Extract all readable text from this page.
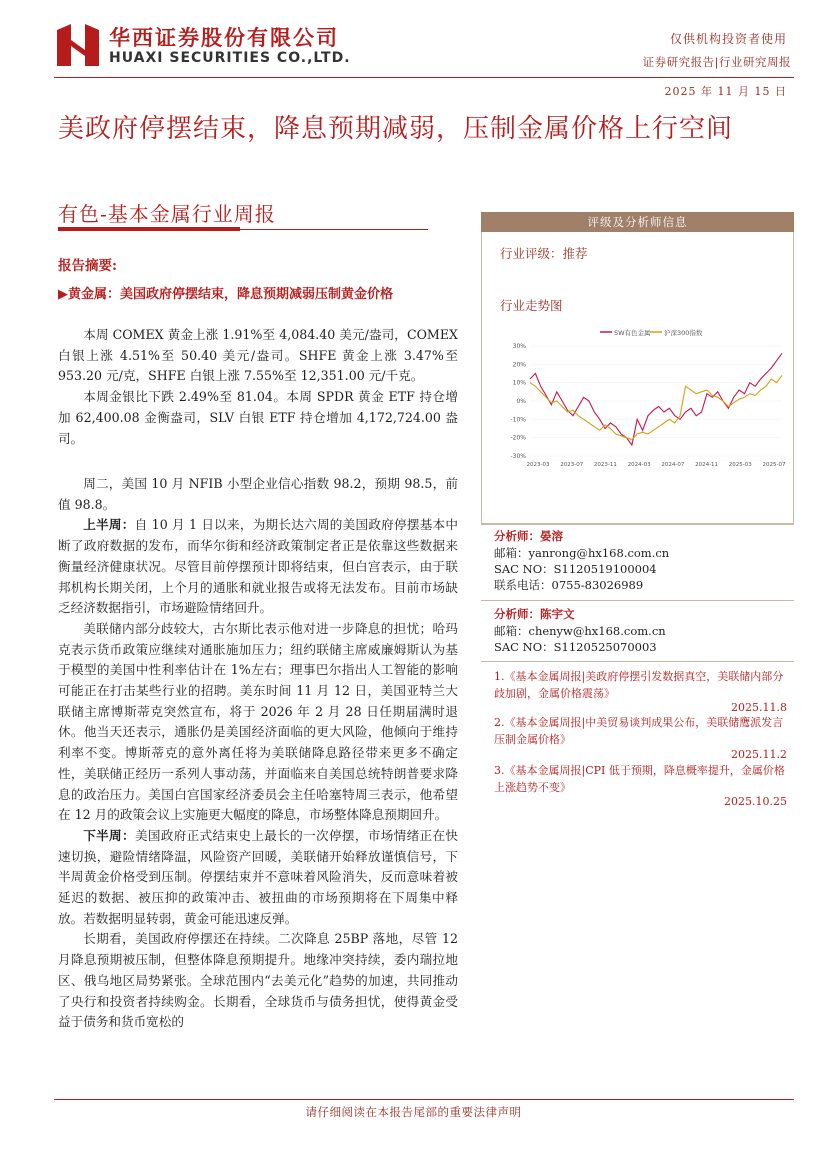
华西证券股份有限公司
HUAXI SECURITIES CO.,LTD.
仅供机构投资者使用
证券研究报告|行业研究周报
2025 年 11 月 15 日
美政府停摆结束，降息预期减弱，压制金属价格上行空间
有色-基本金属行业周报
报告摘要:
▶黄金属：美国政府停摆结束，降息预期减弱压制黄金价格

本周 COMEX 黄金上涨 1.91%至 4,084.40 美元/盎司，COMEX 白银上涨 4.51%至 50.40 美元/盎司。SHFE 黄金上涨 3.47%至 953.20 元/克，SHFE 白银上涨 7.55%至 12,351.00 元/千克。

本周金银比下跌 2.49%至 81.04。本周 SPDR 黄金 ETF 持仓增加 62,400.08 金衡盎司，SLV 白银 ETF 持仓增加 4,172,724.00 盎司。

周二，美国 10 月 NFIB 小型企业信心指数 98.2，预期 98.5，前值 98.8。

上半周：自 10 月 1 日以来，为期长达六周的美国政府停摆基本中断了政府数据的发布，而华尔街和经济政策制定者正是依靠这些数据来衡量经济健康状况。尽管目前停摆预计即将结束，但白宫表示，由于联邦机构长期关闭，上个月的通胀和就业报告或将无法发布。目前市场缺乏经济数据指引，市场避险情绪回升。

美联储内部分歧较大，古尔斯比表示他对进一步降息的担忧；哈玛克表示货币政策应继续对通胀施加压力；纽约联储主席威廉姆斯认为基于模型的美国中性利率估计在 1%左右；理事巴尔指出人工智能的影响可能正在打击某些行业的招聘。美东时间 11 月 12 日，美国亚特兰大联储主席博斯蒂克突然宣布，将于 2026 年 2 月 28 日任期届满时退休。他当天还表示，通胀仍是美国经济面临的更大风险，他倾向于维持利率不变。博斯蒂克的意外离任将为美联储降息路径带来更多不确定性，美联储正经历一系列人事动荡，并面临来自美国总统特朗普要求降息的政治压力。美国白宫国家经济委员会主任哈塞特周三表示，他希望在 12 月的政策会议上实施更大幅度的降息，市场整体降息预期回升。

下半周：美国政府正式结束史上最长的一次停摆，市场情绪正在快速切换，避险情绪降温，风险资产回暖，美联储开始释放谨慎信号，下半周黄金价格受到压制。停摆结束并不意味着风险消失，反而意味着被延迟的数据、被压抑的政策冲击、被扭曲的市场预期将在下周集中释放。若数据明显转弱，黄金可能迅速反弹。

长期看，美国政府停摆还在持续。二次降息 25BP 落地，尽管 12 月降息预期被压制，但整体降息预期提升。地缘冲突持续，委内瑞拉地区、俄乌地区局势紧张。全球范围内“去美元化”趋势的加速，共同推动了央行和投资者持续购金。长期看，全球货币与债务担忧，使得黄金受益于债务和货币宽松的

评级及分析师信息
行业评级：推荐
行业走势图
SW有色金属 沪深300指数
30%
20%
10%
0%
-10%
-20%
-30%
2023-03 2023-07 2023-11 2024-03 2024-07 2024-11 2025-03 2025-07
分析师：晏溶
邮箱：yanrong@hx168.com.cn
SAC NO：S1120519100004
联系电话：0755-83026989
分析师：陈宇文
邮箱：chenyw@hx168.com.cn
SAC NO：S1120525070003
1.《基本金属周报|美政府停摆引发数据真空，美联储内部分歧加剧，金属价格震荡》
2025.11.8
2.《基本金属周报|中美贸易谈判成果公布，美联储鹰派发言压制金属价格》
2025.11.2
3.《基本金属周报|CPI 低于预期，降息概率提升，金属价格上涨趋势不变》
2025.10.25
请仔细阅读在本报告尾部的重要法律声明
